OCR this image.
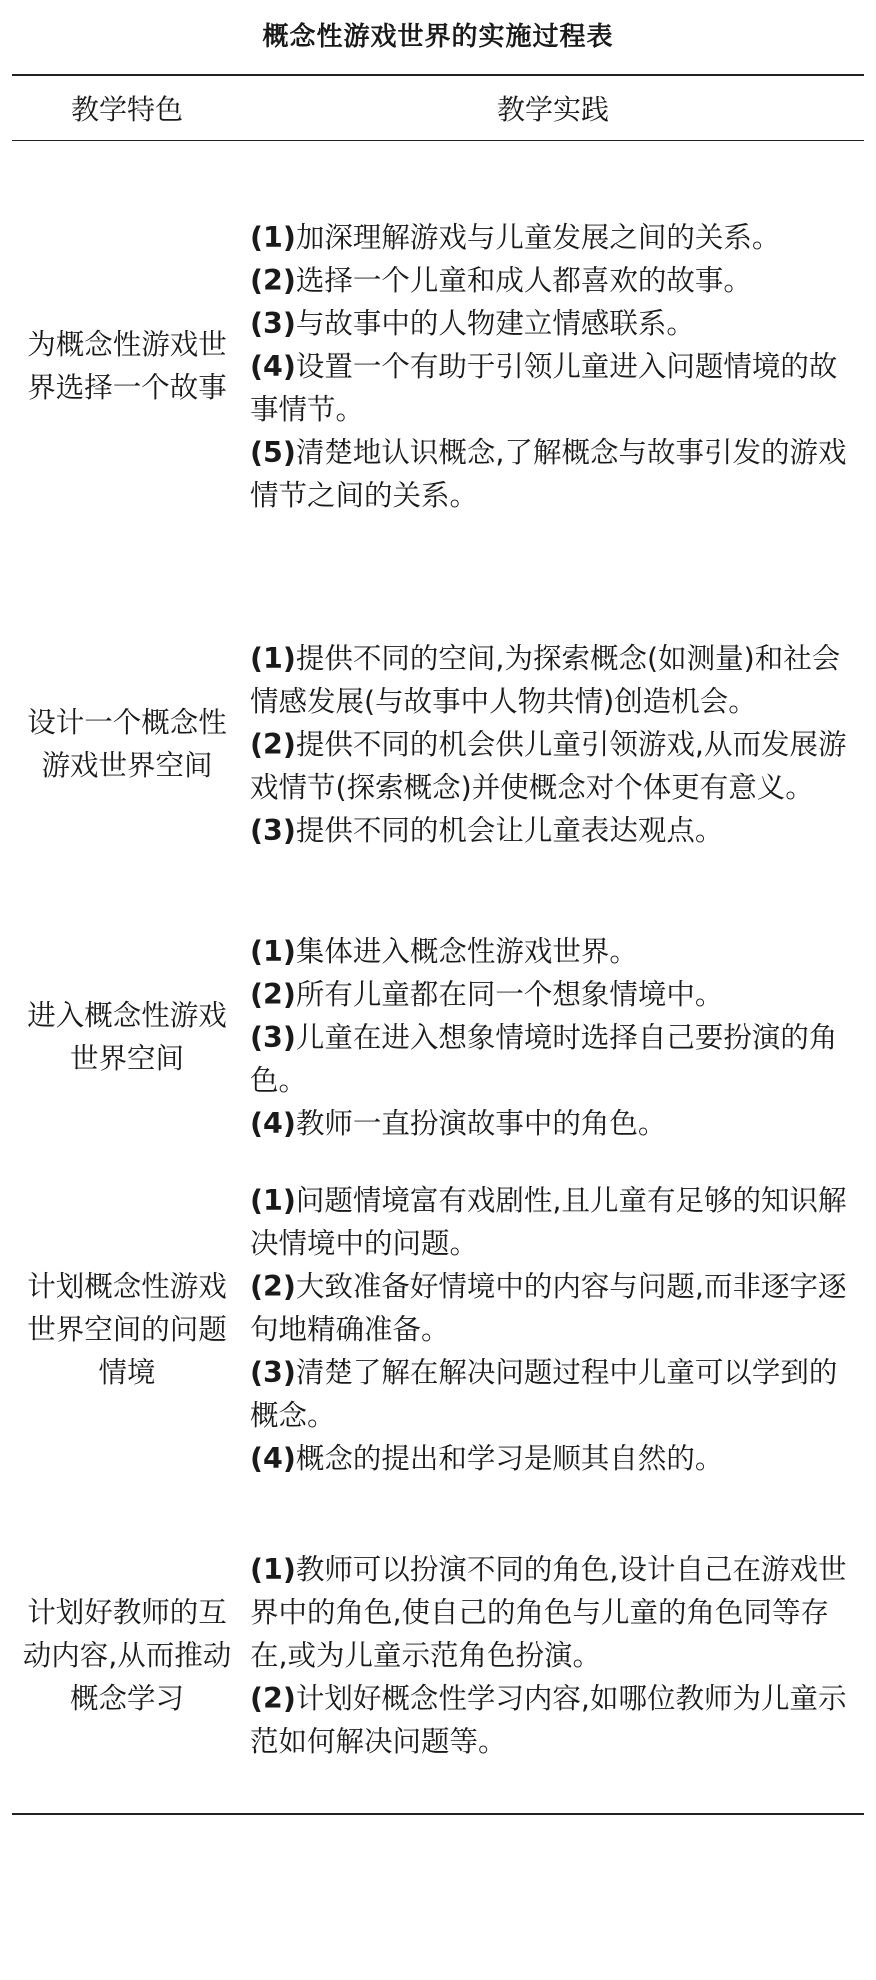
概念性游戏世界的实施过程表
教学特色	教学实践
为概念性游戏世界选择一个故事	(1)加深理解游戏与儿童发展之间的关系。
(2)选择一个儿童和成人都喜欢的故事。
(3)与故事中的人物建立情感联系。
(4)设置一个有助于引领儿童进入问题情境的故事情节。
(5)清楚地认识概念,了解概念与故事引发的游戏情节之间的关系。

设计一个概念性游戏世界空间	(1)提供不同的空间,为探索概念(如测量)和社会情感发展(与故事中人物共情)创造机会。
(2)提供不同的机会供儿童引领游戏,从而发展游戏情节(探索概念)并使概念对个体更有意义。
(3)提供不同的机会让儿童表达观点。

进入概念性游戏世界空间	(1)集体进入概念性游戏世界。
(2)所有儿童都在同一个想象情境中。
(3)儿童在进入想象情境时选择自己要扮演的角色。
(4)教师一直扮演故事中的角色。

计划概念性游戏世界空间的问题情境	(1)问题情境富有戏剧性,且儿童有足够的知识解决情境中的问题。
(2)大致准备好情境中的内容与问题,而非逐字逐句地精确准备。
(3)清楚了解在解决问题过程中儿童可以学到的概念。
(4)概念的提出和学习是顺其自然的。

计划好教师的互动内容,从而推动概念学习	(1)教师可以扮演不同的角色,设计自己在游戏世界中的角色,使自己的角色与儿童的角色同等存在,或为儿童示范角色扮演。
(2)计划好概念性学习内容,如哪位教师为儿童示范如何解决问题等。
